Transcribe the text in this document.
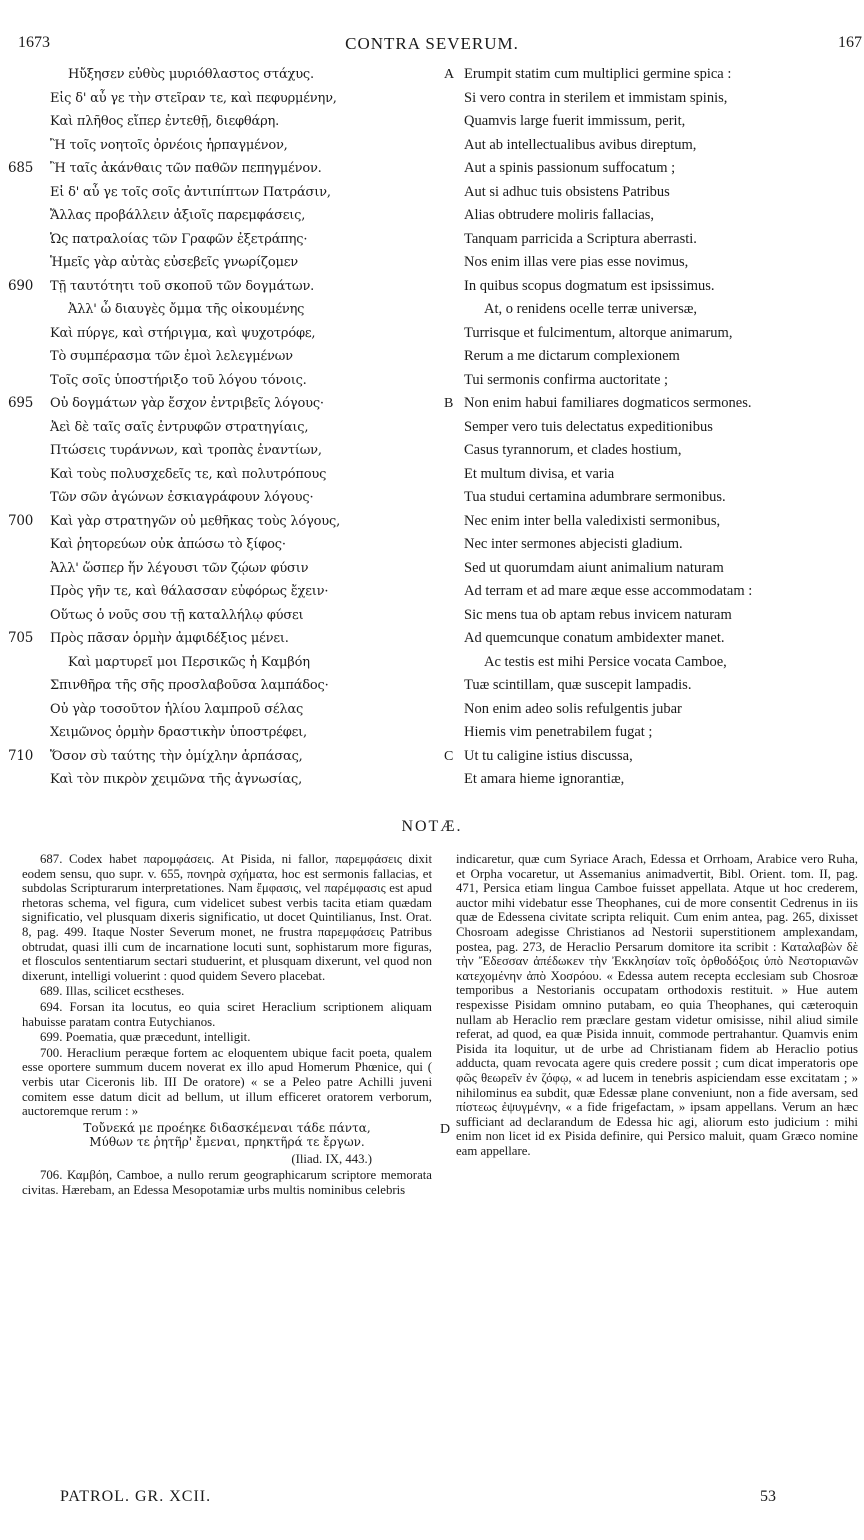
1673	CONTRA SEVERUM.	167
Ηὔξησεν εὐθὺς μυριόθλαστος στάχυς.
Εἰς δ' αὖ γε τὴν στεῖραν τε, καὶ πεφυρμένην,
Καὶ πλῆθος εἴπερ ἐντεθῇ, διεφθάρη.
Ἢ τοῖς νοητοῖς ὀρνέοις ἡρπαγμένον,
685	Ἢ ταῖς ἀκάνθαις τῶν παθῶν πεπηγμένον.
Εἰ δ' αὖ γε τοῖς σοῖς ἀντιπίπτων Πατράσιν,
Ἄλλας προβάλλειν ἀξιοῖς παρεμφάσεις,
Ὡς πατραλοίας τῶν Γραφῶν ἐξετράπης·
Ἡμεῖς γὰρ αὐτὰς εὐσεβεῖς γνωρίζομεν
690	Τῇ ταυτότητι τοῦ σκοποῦ τῶν δογμάτων.
Ἀλλ' ὦ διαυγὲς ὄμμα τῆς οἰκουμένης
Καὶ πύργε, καὶ στήριγμα, καὶ ψυχοτρόφε,
Τὸ συμπέρασμα τῶν ἐμοὶ λελεγμένων
Τοῖς σοῖς ὑποστήριξο τοῦ λόγου τόνοις.
695	Οὐ δογμάτων γὰρ ἔσχον ἐντριβεῖς λόγους·
Ἀεὶ δὲ ταῖς σαῖς ἐντρυφῶν στρατηγίαις,
Πτώσεις τυράννων, καὶ τροπὰς ἐναντίων,
Καὶ τοὺς πολυσχεδεῖς τε, καὶ πολυτρόπους
Τῶν σῶν ἀγώνων ἐσκιαγράφουν λόγους·
700	Καὶ γὰρ στρατηγῶν οὐ μεθῆκας τοὺς λόγους,
Καὶ ῥητορεύων οὐκ ἀπώσω τὸ ξίφος·
Ἀλλ' ὥσπερ ἥν λέγουσι τῶν ζῴων φύσιν
Πρὸς γῆν τε, καὶ θάλασσαν εὐφόρως ἔχειν·
Οὕτως ὁ νοῦς σου τῇ καταλλήλῳ φύσει
705	Πρὸς πᾶσαν ὁρμὴν ἀμφιδέξιος μένει.
Καὶ μαρτυρεῖ μοι Περσικῶς ἡ Καμβόη
Σπινθῆρα τῆς σῆς προσλαβοῦσα λαμπάδος·
Οὐ γὰρ τοσοῦτον ἡλίου λαμπροῦ σέλας
Χειμῶνος ὁρμὴν δραστικὴν ὑποστρέφει,
710	Ὅσον σὺ ταύτης τὴν ὁμίχλην ἁρπάσας,
Καὶ τὸν πικρὸν χειμῶνα τῆς ἀγνωσίας,
A Erumpit statim cum multiplici germine spica :
Si vero contra in sterilem et immistam spinis,
Quamvis large fuerit immissum, perit,
Aut ab intellectualibus avibus direptum,
Aut a spinis passionum suffocatum ;
Aut si adhuc tuis obsistens Patribus
Alias obtrudere moliris fallacias,
Tanquam parricida a Scriptura aberrasti.
Nos enim illas vere pias esse novimus,
In quibus scopus dogmatum est ipsissimus.
At, o renidens ocelle terræ universæ,
Turrisque et fulcimentum, altorque animarum,
Rerum a me dictarum complexionem
Tui sermonis confirma auctoritate ;
B Non enim habui familiares dogmaticos sermones.
Semper vero tuis delectatus expeditionibus
Casus tyrannorum, et clades hostium,
Et multum divisa, et varia
Tua studui certamina adumbrare sermonibus.
Nec enim inter bella valedixisti sermonibus,
Nec inter sermones abjecisti gladium.
Sed ut quorumdam aiunt animalium naturam
Ad terram et ad mare æque esse accommodatam :
Sic mens tua ob aptam rebus invicem naturam
Ad quemcunque conatum ambidexter manet.
Ac testis est mihi Persice vocata Camboe,
Tuæ scintillam, quæ suscepit lampadis.
Non enim adeo solis refulgentis jubar
Hiemis vim penetrabilem fugat ;
C Ut tu caligine istius discussa,
Et amara hieme ignorantiæ,
NOTÆ.

687. Codex habet παρομφάσεις. At Pisida, ni fallor, παρεμφάσεις dixit eodem sensu, quo supr. v. 655, πονηρὰ σχήματα, hoc est sermonis fallacias, et subdolas Scripturarum interpretationes. Nam ἔμφασις, vel παρέμφασις est apud rhetoras schema, vel figura, cum videlicet subest verbis tacita etiam quædam significatio, vel plusquam dixeris significatio, ut docet Quintilianus, Inst. Orat. 8, pag. 499. Itaque Noster Severum monet, ne frustra παρεμφάσεις Patribus obtrudat, quasi illi cum de incarnatione locuti sunt, sophistarum more figuras, et flosculos sententiarum sectari studuerint, et plusquam dixerunt, vel quod non dixerunt, intelligi voluerint : quod quidem Severo placebat.

689. Illas, scilicet ecstheses.

694. Forsan ita locutus, eo quia sciret Heraclium scriptionem aliquam habuisse paratam contra Eutychianos.

699. Poematia, quæ præcedunt, intelligit.

700. Heraclium peræque fortem ac eloquentem ubique facit poeta, qualem esse oportere summum ducem noverat ex illo apud Homerum Phœnice, qui ( verbis utar Ciceronis lib. III De oratore) « se a Peleo patre Achilli juveni comitem esse datum dicit ad bellum, ut illum efficeret oratorem verborum, auctoremque rerum : »

Τοὔνεκά με προέηκε διδασκέμεναι τάδε πάντα,
Μύθων τε ῥητῆρ' ἔμεναι, πρηκτῆρά τε ἔργων.
(Iliad. IX, 443.)

706. Καμβόη, Camboe, a nullo rerum geographicarum scriptore memorata civitas. Hærebam, an Edessa Mesopotamiæ urbs multis nominibus celebris

D

indicaretur, quæ cum Syriace Arach, Edessa et Orrhoam, Arabice vero Ruha, et Orpha vocaretur, ut Assemanius animadvertit, Bibl. Orient. tom. II, pag. 471, Persica etiam lingua Camboe fuisset appellata. Atque ut hoc crederem, auctor mihi videbatur esse Theophanes, cui de more consentit Cedrenus in iis quæ de Edessena civitate scripta reliquit. Cum enim antea, pag. 265, dixisset Chosroam adegisse Christianos ad Nestorii superstitionem amplexandam, postea, pag. 273, de Heraclio Persarum domitore ita scribit : Καταλαβὼν δὲ τὴν Ἔδεσσαν ἀπέδωκεν τὴν Ἐκκλησίαν τοῖς ὀρθοδόξοις ὑπὸ Νεστοριανῶν κατεχομένην ἀπὸ Χοσρόου. « Edessa autem recepta ecclesiam sub Chosroæ temporibus a Nestorianis occupatam orthodoxis restituit. » Hue autem respexisse Pisidam omnino putabam, eo quia Theophanes, qui cæteroquin nullam ab Heraclio rem præclare gestam videtur omisisse, nihil aliud simile referat, ad quod, ea quæ Pisida innuit, commode pertrahantur. Quamvis enim Pisida ita loquitur, ut de urbe ad Christianam fidem ab Heraclio potius adducta, quam revocata agere quis credere possit ; cum dicat imperatoris ope φῶς θεωρεῖν ἐν ζόφῳ, « ad lucem in tenebris aspiciendam esse excitatam ; » nihilominus ea subdit, quæ Edessæ plane conveniunt, non a fide aversam, sed πίστεως ἐψυγμένην, « a fide frigefactam, » ipsam appellans. Verum an hæc sufficiant ad declarandum de Edessa hic agi, aliorum esto judicium : mihi enim non licet id ex Pisida definire, qui Persico maluit, quam Græco nomine eam appellare.

PATROL. GR. XCII.	53
